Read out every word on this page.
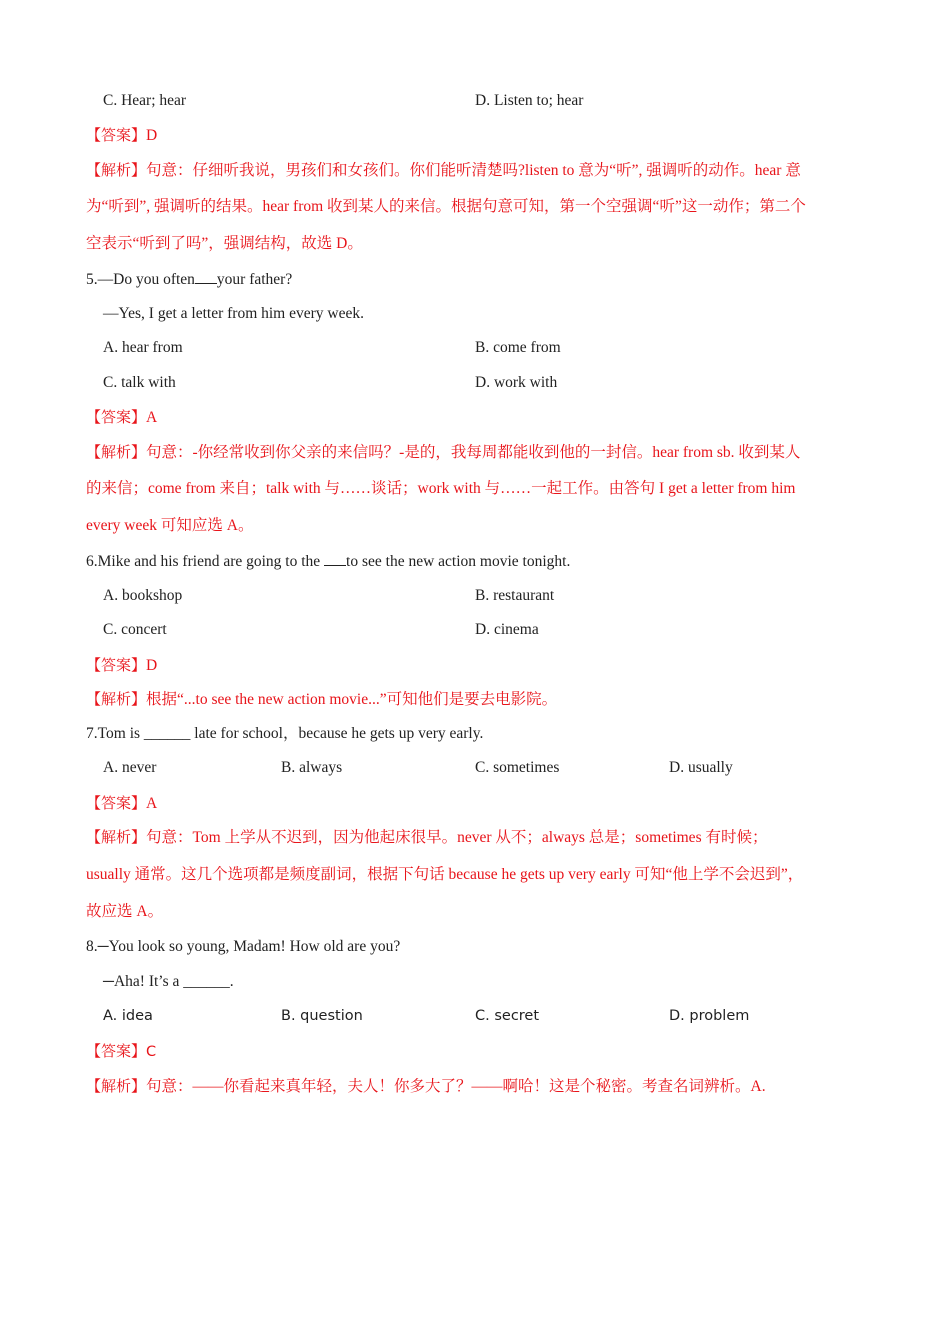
C. Hear; hear	D. Listen to; hear
【答案】D
【解析】句意：仔细听我说，男孩们和女孩们。你们能听清楚吗?listen to 意为“听”, 强调听的动作。hear 意
为“听到”, 强调听的结果。hear from 收到某人的来信。根据句意可知，第一个空强调“听”这一动作；第二个
空表示“听到了吗”，强调结构，故选 D。
5.—Do you often your father?
—Yes, I get a letter from him every week.
A. hear from	B. come from
C. talk with	D. work with
【答案】A
【解析】句意：-你经常收到你父亲的来信吗？-是的，我每周都能收到他的一封信。hear from sb. 收到某人
的来信；come from 来自；talk with 与……谈话；work with 与……一起工作。由答句 I get a letter from him
every week 可知应选 A。
6.Mike and his friend are going to the to see the new action movie tonight.
A. bookshop	B. restaurant
C. concert	D. cinema
【答案】D
【解析】根据“...to see the new action movie...”可知他们是要去电影院。
7.Tom is ______ late for school，because he gets up very early.
A. never	B. always	C. sometimes	D. usually
【答案】A
【解析】句意：Tom 上学从不迟到，因为他起床很早。never 从不；always 总是；sometimes 有时候；
usually 通常。这几个选项都是频度副词，根据下句话 because he gets up very early 可知“他上学不会迟到”，
故应选 A。
8.─You look so young, Madam! How old are you?
─Aha! It’s a ______.
A. idea	B. question	C. secret	D. problem
【答案】C
【解析】句意：——你看起来真年轻，夫人！你多大了？——啊哈！这是个秘密。考查名词辨析。A.
